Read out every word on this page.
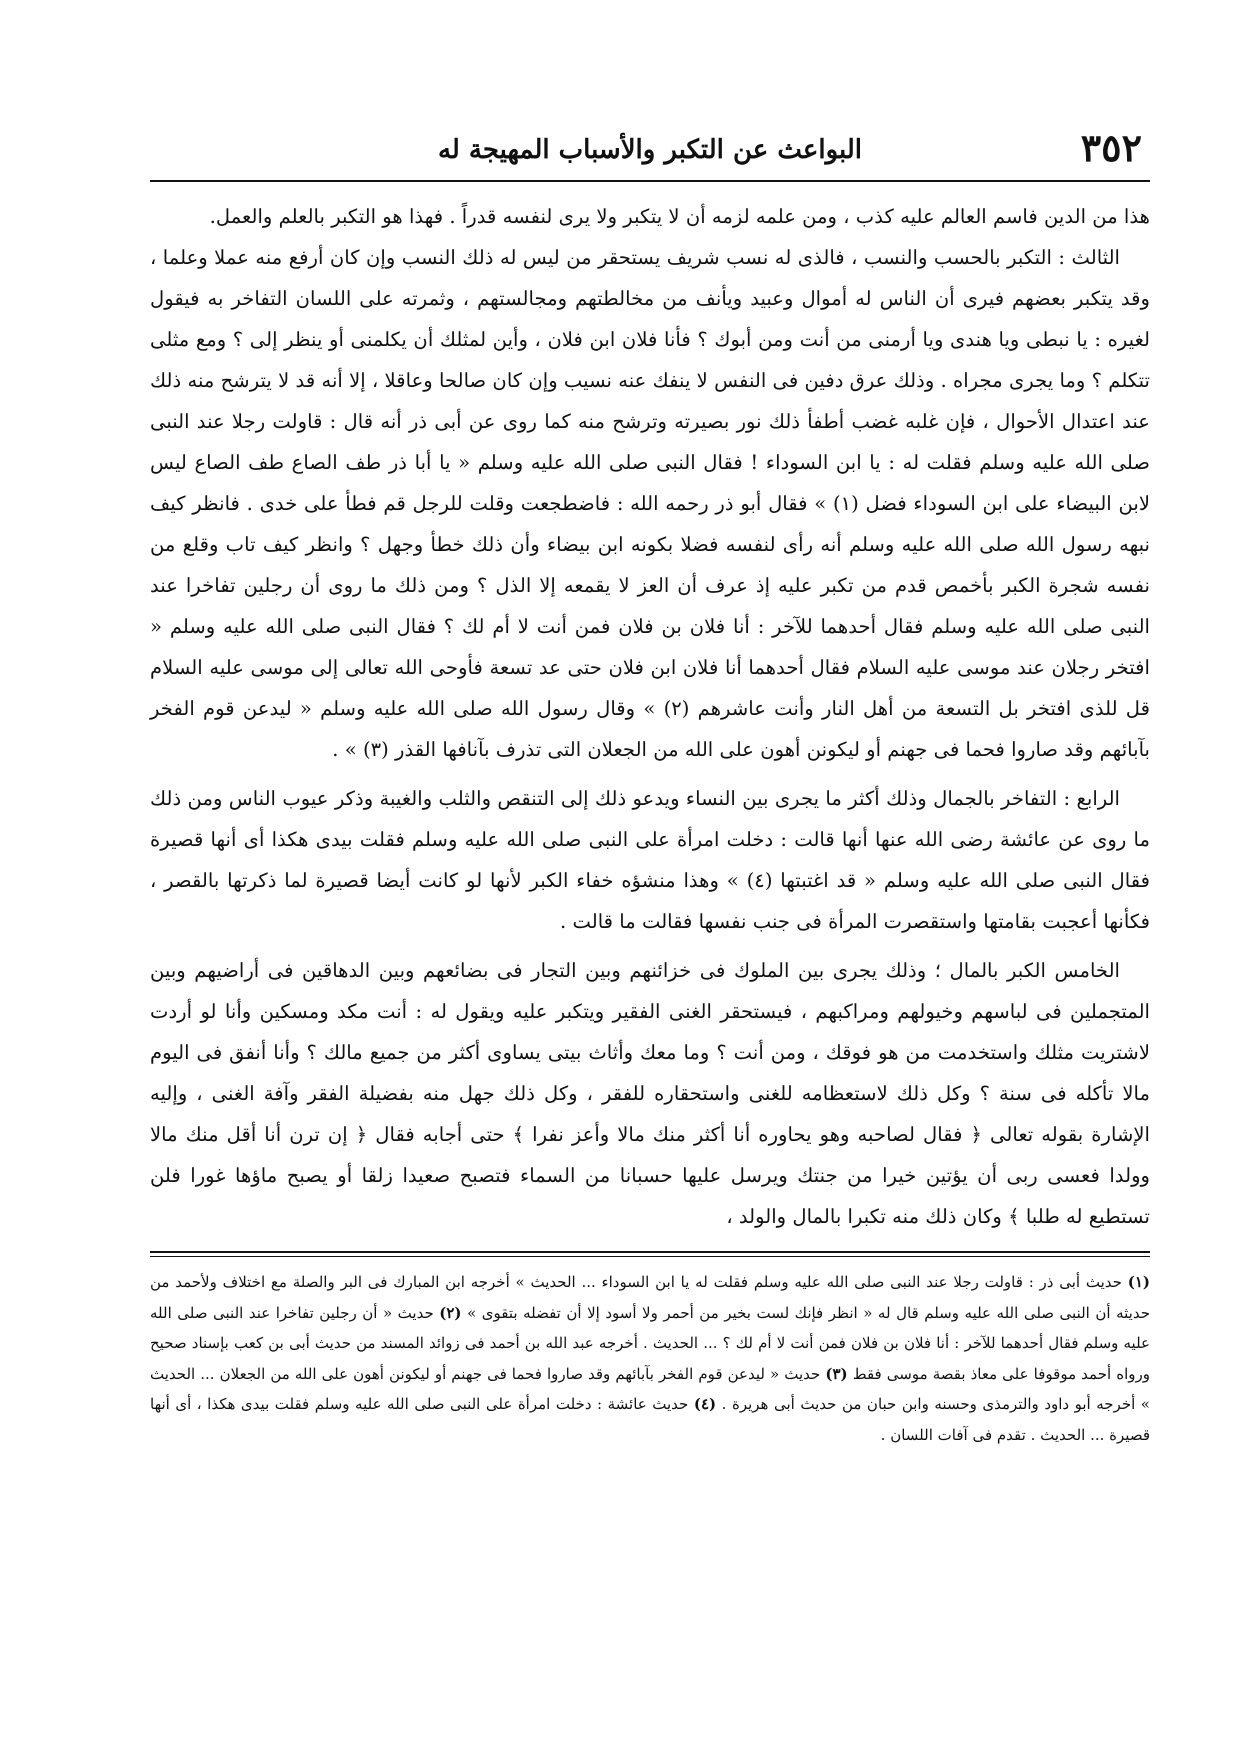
٣٥٢
البواعث عن التكبر والأسباب المهيجة له

هذا من الدين فاسم العالم عليه كذب ، ومن علمه لزمه أن لا يتكبر ولا يرى لنفسه قدراً . فهذا هو التكبر بالعلم والعمل.

الثالث : التكبر بالحسب والنسب ، فالذى له نسب شريف يستحقر من ليس له ذلك النسب وإن كان أرفع منه عملا وعلما ، وقد يتكبر بعضهم فيرى أن الناس له أموال وعبيد ويأنف من مخالطتهم ومجالستهم ، وثمرته على اللسان التفاخر به فيقول لغيره : يا نبطى ويا هندى ويا أرمنى من أنت ومن أبوك ؟ فأنا فلان ابن فلان ، وأين لمثلك أن يكلمنى أو ينظر إلى ؟ ومع مثلى تتكلم ؟ وما يجرى مجراه . وذلك عرق دفين فى النفس لا ينفك عنه نسيب وإن كان صالحا وعاقلا ، إلا أنه قد لا يترشح منه ذلك عند اعتدال الأحوال ، فإن غلبه غضب أطفأ ذلك نور بصيرته وترشح منه كما روى عن أبى ذر أنه قال : قاولت رجلا عند النبى صلى الله عليه وسلم فقلت له : يا ابن السوداء ! فقال النبى صلى الله عليه وسلم « يا أبا ذر طف الصاع طف الصاع ليس لابن البيضاء على ابن السوداء فضل (١) » فقال أبو ذر رحمه الله : فاضطجعت وقلت للرجل قم فطأ على خدى . فانظر كيف نبهه رسول الله صلى الله عليه وسلم أنه رأى لنفسه فضلا بكونه ابن بيضاء وأن ذلك خطأ وجهل ؟ وانظر كيف تاب وقلع من نفسه شجرة الكبر بأخمص قدم من تكبر عليه إذ عرف أن العز لا يقمعه إلا الذل ؟ ومن ذلك ما روى أن رجلين تفاخرا عند النبى صلى الله عليه وسلم فقال أحدهما للآخر : أنا فلان بن فلان فمن أنت لا أم لك ؟ فقال النبى صلى الله عليه وسلم « افتخر رجلان عند موسى عليه السلام فقال أحدهما أنا فلان ابن فلان حتى عد تسعة فأوحى الله تعالى إلى موسى عليه السلام قل للذى افتخر بل التسعة من أهل النار وأنت عاشرهم (٢) » وقال رسول الله صلى الله عليه وسلم « ليدعن قوم الفخر بآبائهم وقد صاروا فحما فى جهنم أو ليكونن أهون على الله من الجعلان التى تذرف بآنافها القذر (٣) » .

الرابع : التفاخر بالجمال وذلك أكثر ما يجرى بين النساء ويدعو ذلك إلى التنقص والثلب والغيبة وذكر عيوب الناس ومن ذلك ما روى عن عائشة رضى الله عنها أنها قالت : دخلت امرأة على النبى صلى الله عليه وسلم فقلت بيدى هكذا أى أنها قصيرة فقال النبى صلى الله عليه وسلم « قد اغتبتها (٤) » وهذا منشؤه خفاء الكبر لأنها لو كانت أيضا قصيرة لما ذكرتها بالقصر ، فكأنها أعجبت بقامتها واستقصرت المرأة فى جنب نفسها فقالت ما قالت .

الخامس الكبر بالمال ؛ وذلك يجرى بين الملوك فى خزائنهم وبين التجار فى بضائعهم وبين الدهاقين فى أراضيهم وبين المتجملين فى لباسهم وخيولهم ومراكبهم ، فيستحقر الغنى الفقير ويتكبر عليه ويقول له : أنت مكد ومسكين وأنا لو أردت لاشتريت مثلك واستخدمت من هو فوقك ، ومن أنت ؟ وما معك وأثاث بيتى يساوى أكثر من جميع مالك ؟ وأنا أنفق فى اليوم مالا تأكله فى سنة ؟ وكل ذلك لاستعظامه للغنى واستحقاره للفقر ، وكل ذلك جهل منه بفضيلة الفقر وآفة الغنى ، وإليه الإشارة بقوله تعالى ﴿ فقال لصاحبه وهو يحاوره أنا أكثر منك مالا وأعز نفرا ﴾ حتى أجابه فقال ﴿ إن ترن أنا أقل منك مالا وولدا فعسى ربى أن يؤتين خيرا من جنتك ويرسل عليها حسبانا من السماء فتصبح صعيدا زلقا أو يصبح ماؤها غورا فلن تستطيع له طلبا ﴾ وكان ذلك منه تكبرا بالمال والولد ،

(١) حديث أبى ذر : قاولت رجلا عند النبى صلى الله عليه وسلم فقلت له يا ابن السوداء ... الحديث » أخرجه ابن المبارك فى البر والصلة مع اختلاف ولأحمد من حديثه أن النبى صلى الله عليه وسلم قال له « انظر فإنك لست بخير من أحمر ولا أسود إلا أن تفضله بتقوى » (٢) حديث « أن رجلين تفاخرا عند النبى صلى الله عليه وسلم فقال أحدهما للآخر : أنا فلان بن فلان فمن أنت لا أم لك ؟ ... الحديث . أخرجه عبد الله بن أحمد فى زوائد المسند من حديث أبى بن كعب بإسناد صحيح ورواه أحمد موقوفا على معاذ بقصة موسى فقط (٣) حديث « ليدعن قوم الفخر بآبائهم وقد صاروا فحما فى جهنم أو ليكونن أهون على الله من الجعلان ... الحديث » أخرجه أبو داود والترمذى وحسنه وابن حبان من حديث أبى هريرة . (٤) حديث عائشة : دخلت امرأة على النبى صلى الله عليه وسلم فقلت بيدى هكذا ، أى أنها قصيرة ... الحديث . تقدم فى آفات اللسان .
